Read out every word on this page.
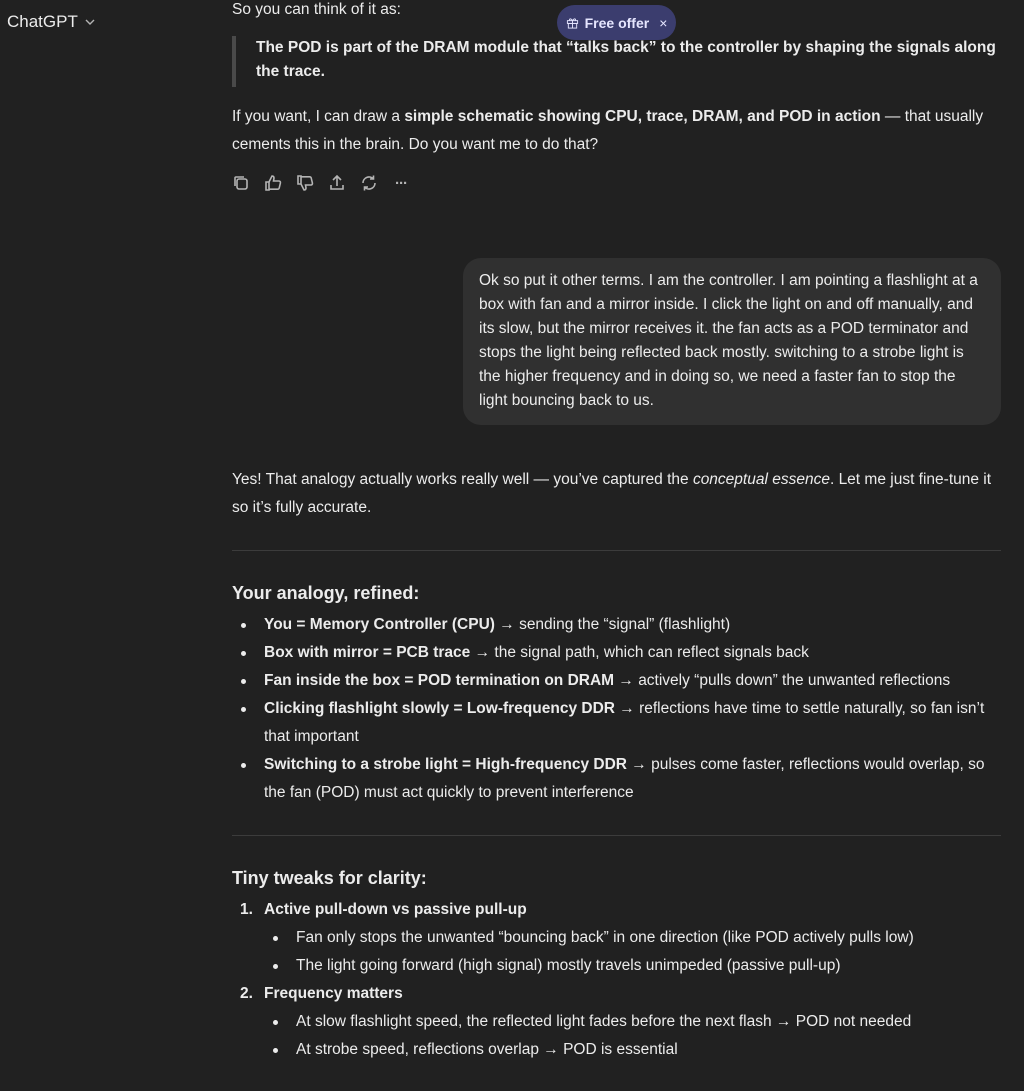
ChatGPT	Free offer ×

So you can think of it as:

The POD is part of the DRAM module that “talks back” to the controller by shaping the signals along the trace.

If you want, I can draw a simple schematic showing CPU, trace, DRAM, and POD in action — that usually cements this in the brain. Do you want me to do that?

···

Yes! That analogy actually works really well — you’ve captured the conceptual essence. Let me just fine-tune it so it’s fully accurate.

Your analogy, refined:
You = Memory Controller (CPU) → sending the “signal” (flashlight)
Box with mirror = PCB trace → the signal path, which can reflect signals back
Fan inside the box = POD termination on DRAM → actively “pulls down” the unwanted reflections
Clicking flashlight slowly = Low-frequency DDR → reflections have time to settle naturally, so fan isn’t that important
Switching to a strobe light = High-frequency DDR → pulses come faster, reflections would overlap, so the fan (POD) must act quickly to prevent interference
Tiny tweaks for clarity:
1. Active pull-down vs passive pull-up
Fan only stops the unwanted “bouncing back” in one direction (like POD actively pulls low)
The light going forward (high signal) mostly travels unimpeded (passive pull-up)
2. Frequency matters
At slow flashlight speed, the reflected light fades before the next flash → POD not needed
At strobe speed, reflections overlap → POD is essential
Ok so put it other terms. I am the controller. I am pointing a flashlight at a box with fan and a mirror inside. I click the light on and off manually, and its slow, but the mirror receives it. the fan acts as a POD terminator and stops the light being reflected back mostly. switching to a strobe light is the higher frequency and in doing so, we need a faster fan to stop the light bouncing back to us.
